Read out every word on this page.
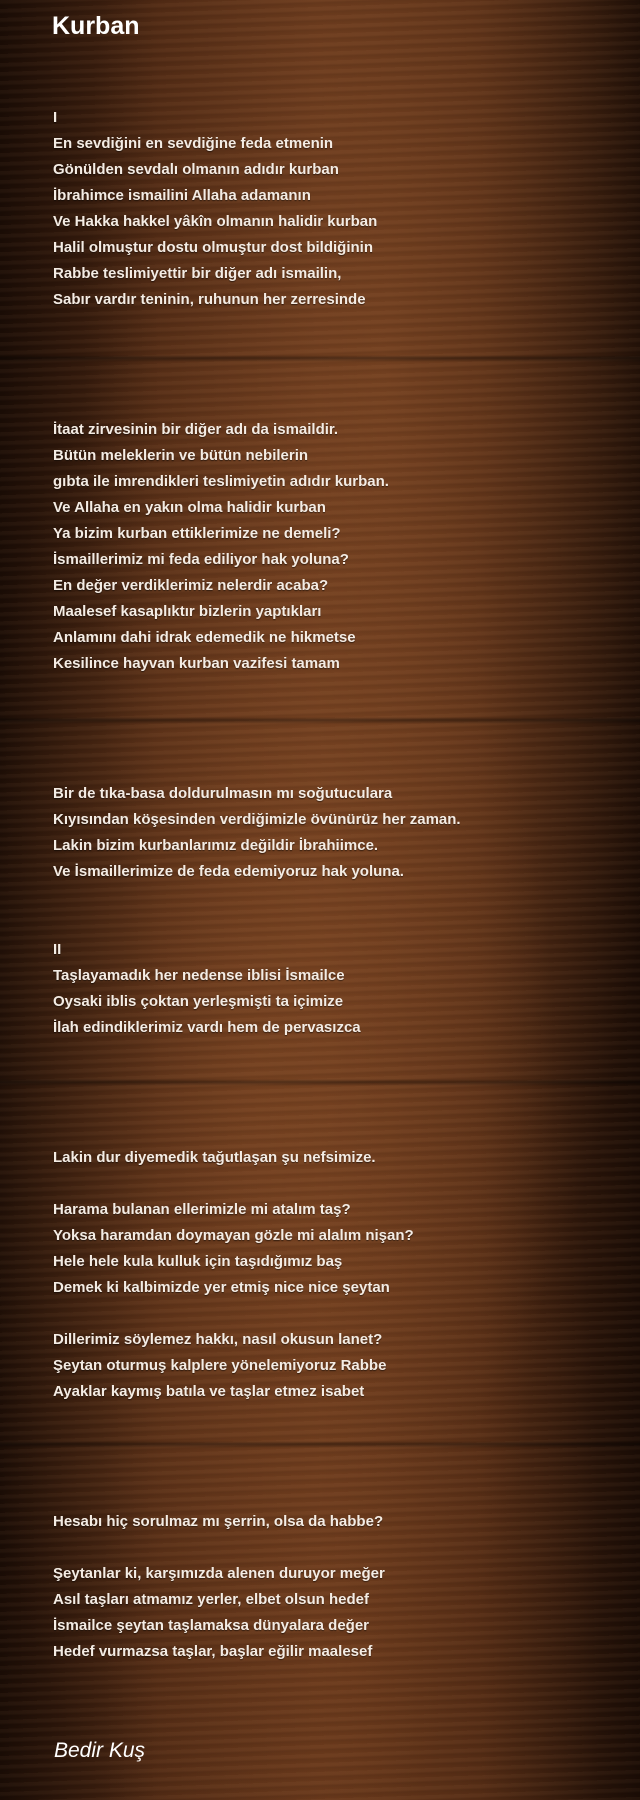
Kurban
I
En sevdiğini en sevdiğine feda etmenin
Gönülden sevdalı olmanın adıdır kurban
İbrahimce ismailini Allaha adamanın
Ve Hakka hakkel yâkîn olmanın halidir kurban
Halil olmuştur dostu olmuştur dost bildiğinin
Rabbe teslimiyettir bir diğer adı ismailin,
Sabır vardır teninin, ruhunun her zerresinde
İtaat zirvesinin bir diğer adı da ismaildir.
Bütün meleklerin ve bütün nebilerin
gıbta ile imrendikleri teslimiyetin adıdır kurban.
Ve Allaha en yakın olma halidir kurban
Ya bizim kurban ettiklerimize ne demeli?
İsmaillerimiz mi feda ediliyor hak yoluna?
En değer verdiklerimiz nelerdir acaba?
Maalesef kasaplıktır bizlerin yaptıkları
Anlamını dahi idrak edemedik ne hikmetse
Kesilince hayvan kurban vazifesi tamam
Bir de tıka-basa doldurulmasın mı soğutuculara
Kıyısından köşesinden verdiğimizle övünürüz her zaman.
Lakin bizim kurbanlarımız değildir İbrahiimce.
Ve İsmaillerimize de feda edemiyoruz hak yoluna.
II
Taşlayamadık her nedense iblisi İsmailce
Oysaki iblis çoktan yerleşmişti ta içimize
İlah edindiklerimiz vardı hem de pervasızca
Lakin dur diyemedik tağutlaşan şu nefsimize.
Harama bulanan ellerimizle mi atalım taş?
Yoksa haramdan doymayan gözle mi alalım nişan?
Hele hele kula kulluk için taşıdığımız baş
Demek ki kalbimizde yer etmiş nice nice şeytan
Dillerimiz söylemez hakkı, nasıl okusun lanet?
Şeytan oturmuş kalplere yönelemiyoruz Rabbe
Ayaklar kaymış batıla ve taşlar etmez isabet
Hesabı hiç sorulmaz mı şerrin, olsa da habbe?
Şeytanlar ki, karşımızda alenen duruyor meğer
Asıl taşları atmamız yerler, elbet olsun hedef
İsmailce şeytan taşlamaksa dünyalara değer
Hedef vurmazsa taşlar, başlar eğilir maalesef
Bedir Kuş
